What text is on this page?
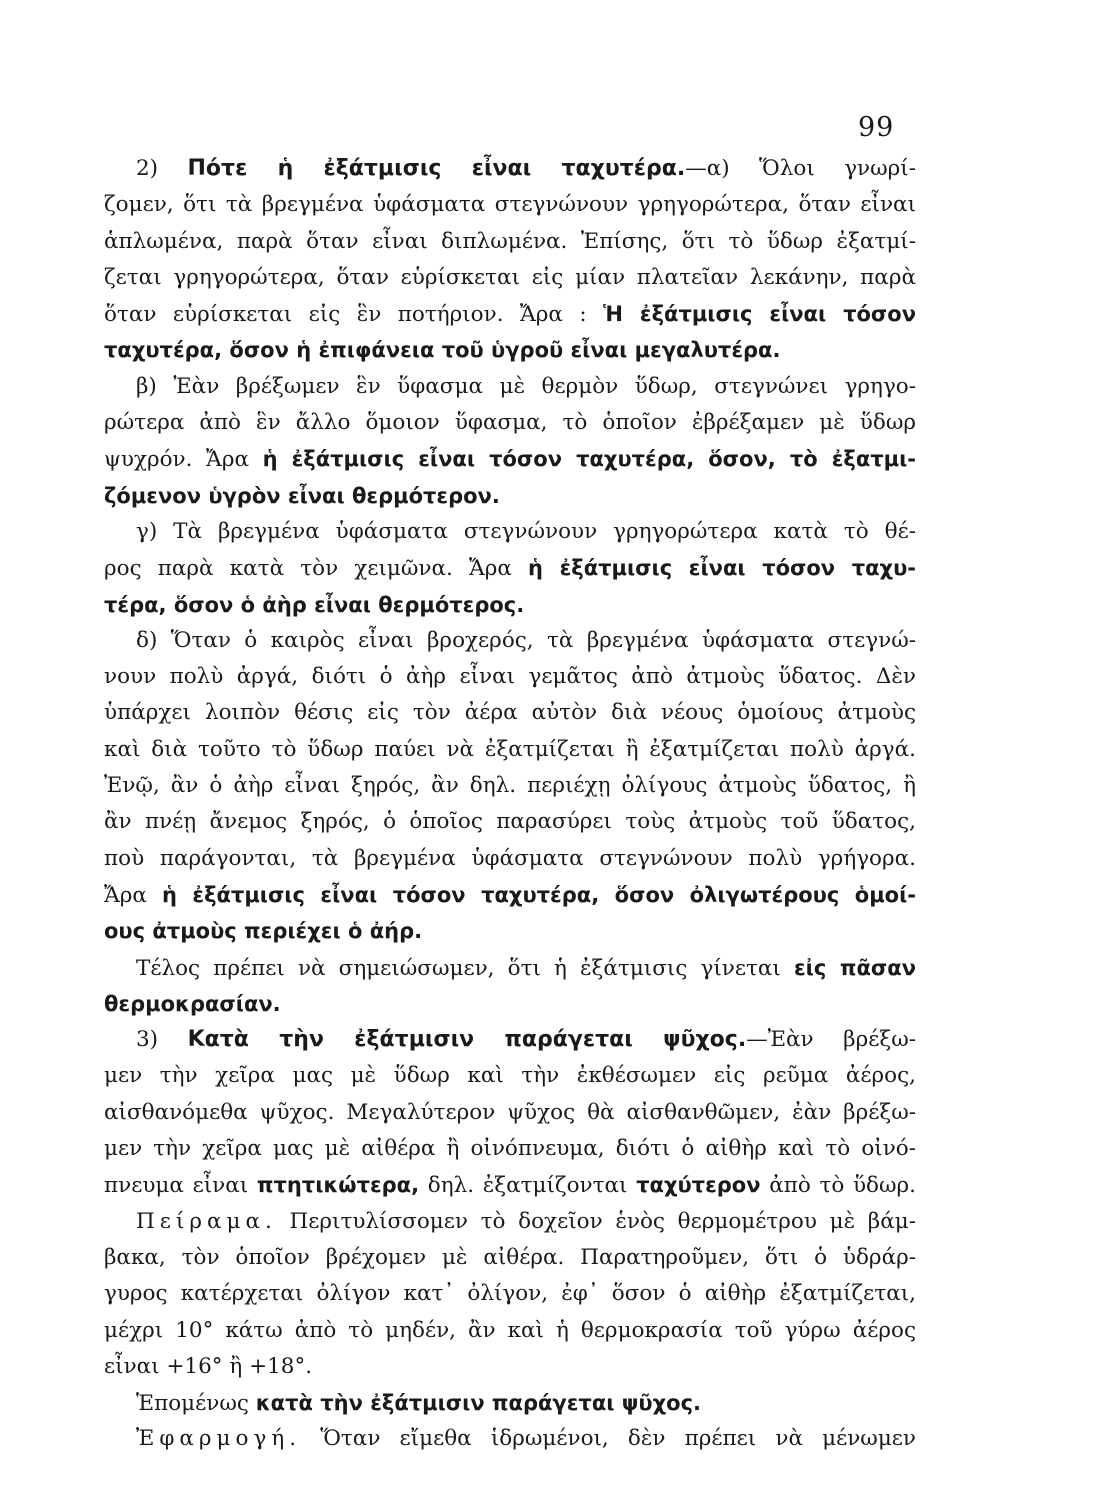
99
2) Πότε ἡ ἐξάτμισις εἶναι ταχυτέρα.—α) Ὅλοι γνωρί-
ζομεν, ὅτι τὰ βρεγμένα ὑφάσματα στεγνώνουν γρηγορώτερα, ὅταν εἶναι
ἁπλωμένα, παρὰ ὅταν εἶναι διπλωμένα. Ἐπίσης, ὅτι τὸ ὕδωρ ἐξατμί-
ζεται γρηγορώτερα, ὅταν εὑρίσκεται εἰς μίαν πλατεῖαν λεκάνην, παρὰ
ὅταν εὑρίσκεται εἰς ἓν ποτήριον. Ἄρα : Ἡ ἐξάτμισις εἶναι τόσον
ταχυτέρα, ὅσον ἡ ἐπιφάνεια τοῦ ὑγροῦ εἶναι μεγαλυτέρα.
β) Ἐὰν βρέξωμεν ἓν ὕφασμα μὲ θερμὸν ὕδωρ, στεγνώνει γρηγο-
ρώτερα ἀπὸ ἓν ἄλλο ὅμοιον ὕφασμα, τὸ ὁποῖον ἐβρέξαμεν μὲ ὕδωρ
ψυχρόν. Ἄρα ἡ ἐξάτμισις εἶναι τόσον ταχυτέρα, ὅσον, τὸ ἐξατμι-
ζόμενον ὑγρὸν εἶναι θερμότερον.
γ) Τὰ βρεγμένα ὑφάσματα στεγνώνουν γρηγορώτερα κατὰ τὸ θέ-
ρος παρὰ κατὰ τὸν χειμῶνα. Ἄρα ἡ ἐξάτμισις εἶναι τόσον ταχυ-
τέρα, ὅσον ὁ ἀὴρ εἶναι θερμότερος.
δ) Ὅταν ὁ καιρὸς εἶναι βροχερός, τὰ βρεγμένα ὑφάσματα στεγνώ-
νουν πολὺ ἀργά, διότι ὁ ἀὴρ εἶναι γεμᾶτος ἀπὸ ἀτμοὺς ὕδατος. Δὲν
ὑπάρχει λοιπὸν θέσις εἰς τὸν ἀέρα αὐτὸν διὰ νέους ὁμοίους ἀτμοὺς
καὶ διὰ τοῦτο τὸ ὕδωρ παύει νὰ ἐξατμίζεται ἢ ἐξατμίζεται πολὺ ἀργά.
Ἐνῷ, ἂν ὁ ἀὴρ εἶναι ξηρός, ἂν δηλ. περιέχῃ ὀλίγους ἀτμοὺς ὕδατος, ἢ
ἂν πνέῃ ἄνεμος ξηρός, ὁ ὁποῖος παρασύρει τοὺς ἀτμοὺς τοῦ ὕδατος,
ποὺ παράγονται, τὰ βρεγμένα ὑφάσματα στεγνώνουν πολὺ γρήγορα.
Ἄρα ἡ ἐξάτμισις εἶναι τόσον ταχυτέρα, ὅσον ὀλιγωτέρους ὁμοί-
ους ἀτμοὺς περιέχει ὁ ἀήρ.
Τέλος πρέπει νὰ σημειώσωμεν, ὅτι ἡ ἐξάτμισις γίνεται εἰς πᾶσαν
θερμοκρασίαν.
3) Κατὰ τὴν ἐξάτμισιν παράγεται ψῦχος.—Ἐὰν βρέξω-
μεν τὴν χεῖρα μας μὲ ὕδωρ καὶ τὴν ἐκθέσωμεν εἰς ρεῦμα ἀέρος,
αἰσθανόμεθα ψῦχος. Μεγαλύτερον ψῦχος θὰ αἰσθανθῶμεν, ἐὰν βρέξω-
μεν τὴν χεῖρα μας μὲ αἰθέρα ἢ οἰνόπνευμα, διότι ὁ αἰθὴρ καὶ τὸ οἰνό-
πνευμα εἶναι πτητικώτερα, δηλ. ἐξατμίζονται ταχύτερον ἀπὸ τὸ ὕδωρ.
Πείραμα. Περιτυλίσσομεν τὸ δοχεῖον ἑνὸς θερμομέτρου μὲ βάμ-
βακα, τὸν ὁποῖον βρέχομεν μὲ αἰθέρα. Παρατηροῦμεν, ὅτι ὁ ὑδράρ-
γυρος κατέρχεται ὀλίγον κατ᾽ ὀλίγον, ἐφ᾽ ὅσον ὁ αἰθὴρ ἐξατμίζεται,
μέχρι 10° κάτω ἀπὸ τὸ μηδέν, ἂν καὶ ἡ θερμοκρασία τοῦ γύρω ἀέρος
εἶναι +16° ἢ +18°.
Ἑπομένως κατὰ τὴν ἐξάτμισιν παράγεται ψῦχος.
Ἐφαρμογή. Ὅταν εἴμεθα ἱδρωμένοι, δὲν πρέπει νὰ μένωμεν
